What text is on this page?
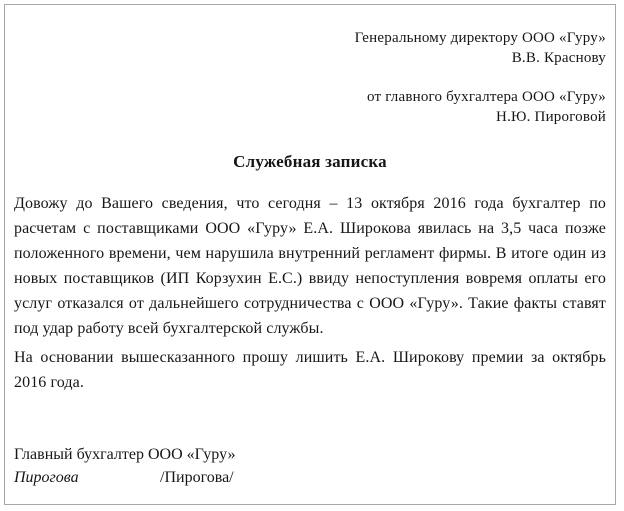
Генеральному директору ООО «Гуру»
В.В. Краснову
от главного бухгалтера ООО «Гуру»
Н.Ю. Пироговой
Служебная записка

Довожу до Вашего сведения, что сегодня – 13 октября 2016 года бухгалтер по расчетам с поставщиками ООО «Гуру» Е.А. Широкова явилась на 3,5 часа позже положенного времени, чем нарушила внутренний регламент фирмы. В итоге один из новых поставщиков (ИП Корзухин Е.С.) ввиду непоступления вовремя оплаты его услуг отказался от дальнейшего сотрудничества с ООО «Гуру». Такие факты ставят под удар работу всей бухгалтерской службы.

На основании вышесказанного прошу лишить Е.А. Широкову премии за октябрь 2016 года.

Главный бухгалтер ООО «Гуру»
Пирогова	/Пирогова/
